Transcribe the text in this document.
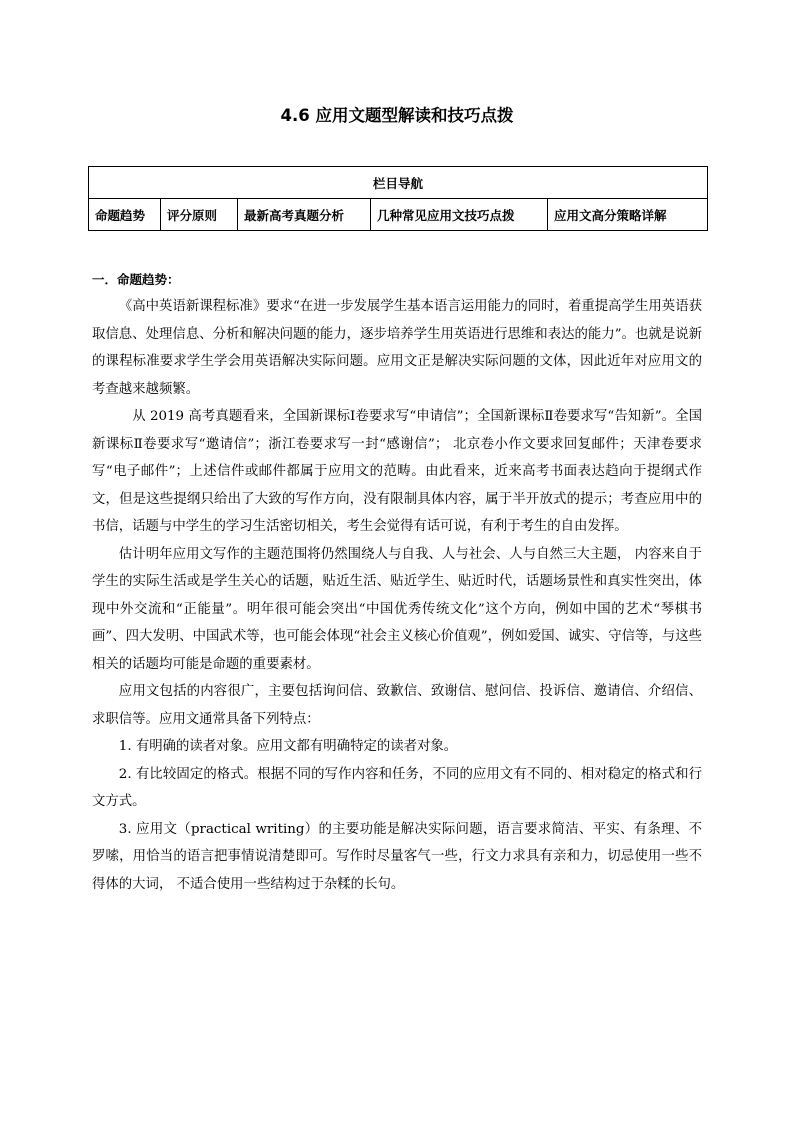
4.6 应用文题型解读和技巧点拨
栏目导航
命题趋势	评分原则	最新高考真题分析	几种常见应用文技巧点拨	应用文高分策略详解
一．命题趋势：

《高中英语新课程标准》要求“在进一步发展学生基本语言运用能力的同时，着重提高学生用英语获取信息、处理信息、分析和解决问题的能力，逐步培养学生用英语进行思维和表达的能力”。也就是说新的课程标准要求学生学会用英语解决实际问题。应用文正是解决实际问题的文体，因此近年对应用文的考查越来越频繁。

从 2019 高考真题看来，全国新课标Ⅰ卷要求写“申请信”；全国新课标Ⅱ卷要求写“告知新”。全国新课标Ⅱ卷要求写“邀请信”；浙江卷要求写一封“感谢信”； 北京卷小作文要求回复邮件；天津卷要求写“电子邮件”；上述信件或邮件都属于应用文的范畴。由此看来，近来高考书面表达趋向于提纲式作文，但是这些提纲只给出了大致的写作方向，没有限制具体内容，属于半开放式的提示；考查应用中的书信，话题与中学生的学习生活密切相关，考生会觉得有话可说，有利于考生的自由发挥。

估计明年应用文写作的主题范围将仍然围绕人与自我、人与社会、人与自然三大主题， 内容来自于学生的实际生活或是学生关心的话题，贴近生活、贴近学生、贴近时代，话题场景性和真实性突出，体现中外交流和“正能量”。明年很可能会突出“中国优秀传统文化”这个方向，例如中国的艺术“琴棋书画”、四大发明、中国武术等，也可能会体现“社会主义核心价值观”，例如爱国、诚实、守信等，与这些相关的话题均可能是命题的重要素材。

应用文包括的内容很广，主要包括询问信、致歉信、致谢信、慰问信、投诉信、邀请信、介绍信、求职信等。应用文通常具备下列特点：

1. 有明确的读者对象。应用文都有明确特定的读者对象。

2. 有比较固定的格式。根据不同的写作内容和任务，不同的应用文有不同的、相对稳定的格式和行文方式。

3. 应用文（practical writing）的主要功能是解决实际问题，语言要求简洁、平实、有条理、不罗嗦，用恰当的语言把事情说清楚即可。写作时尽量客气一些，行文力求具有亲和力，切忌使用一些不得体的大词， 不适合使用一些结构过于杂糅的长句。
